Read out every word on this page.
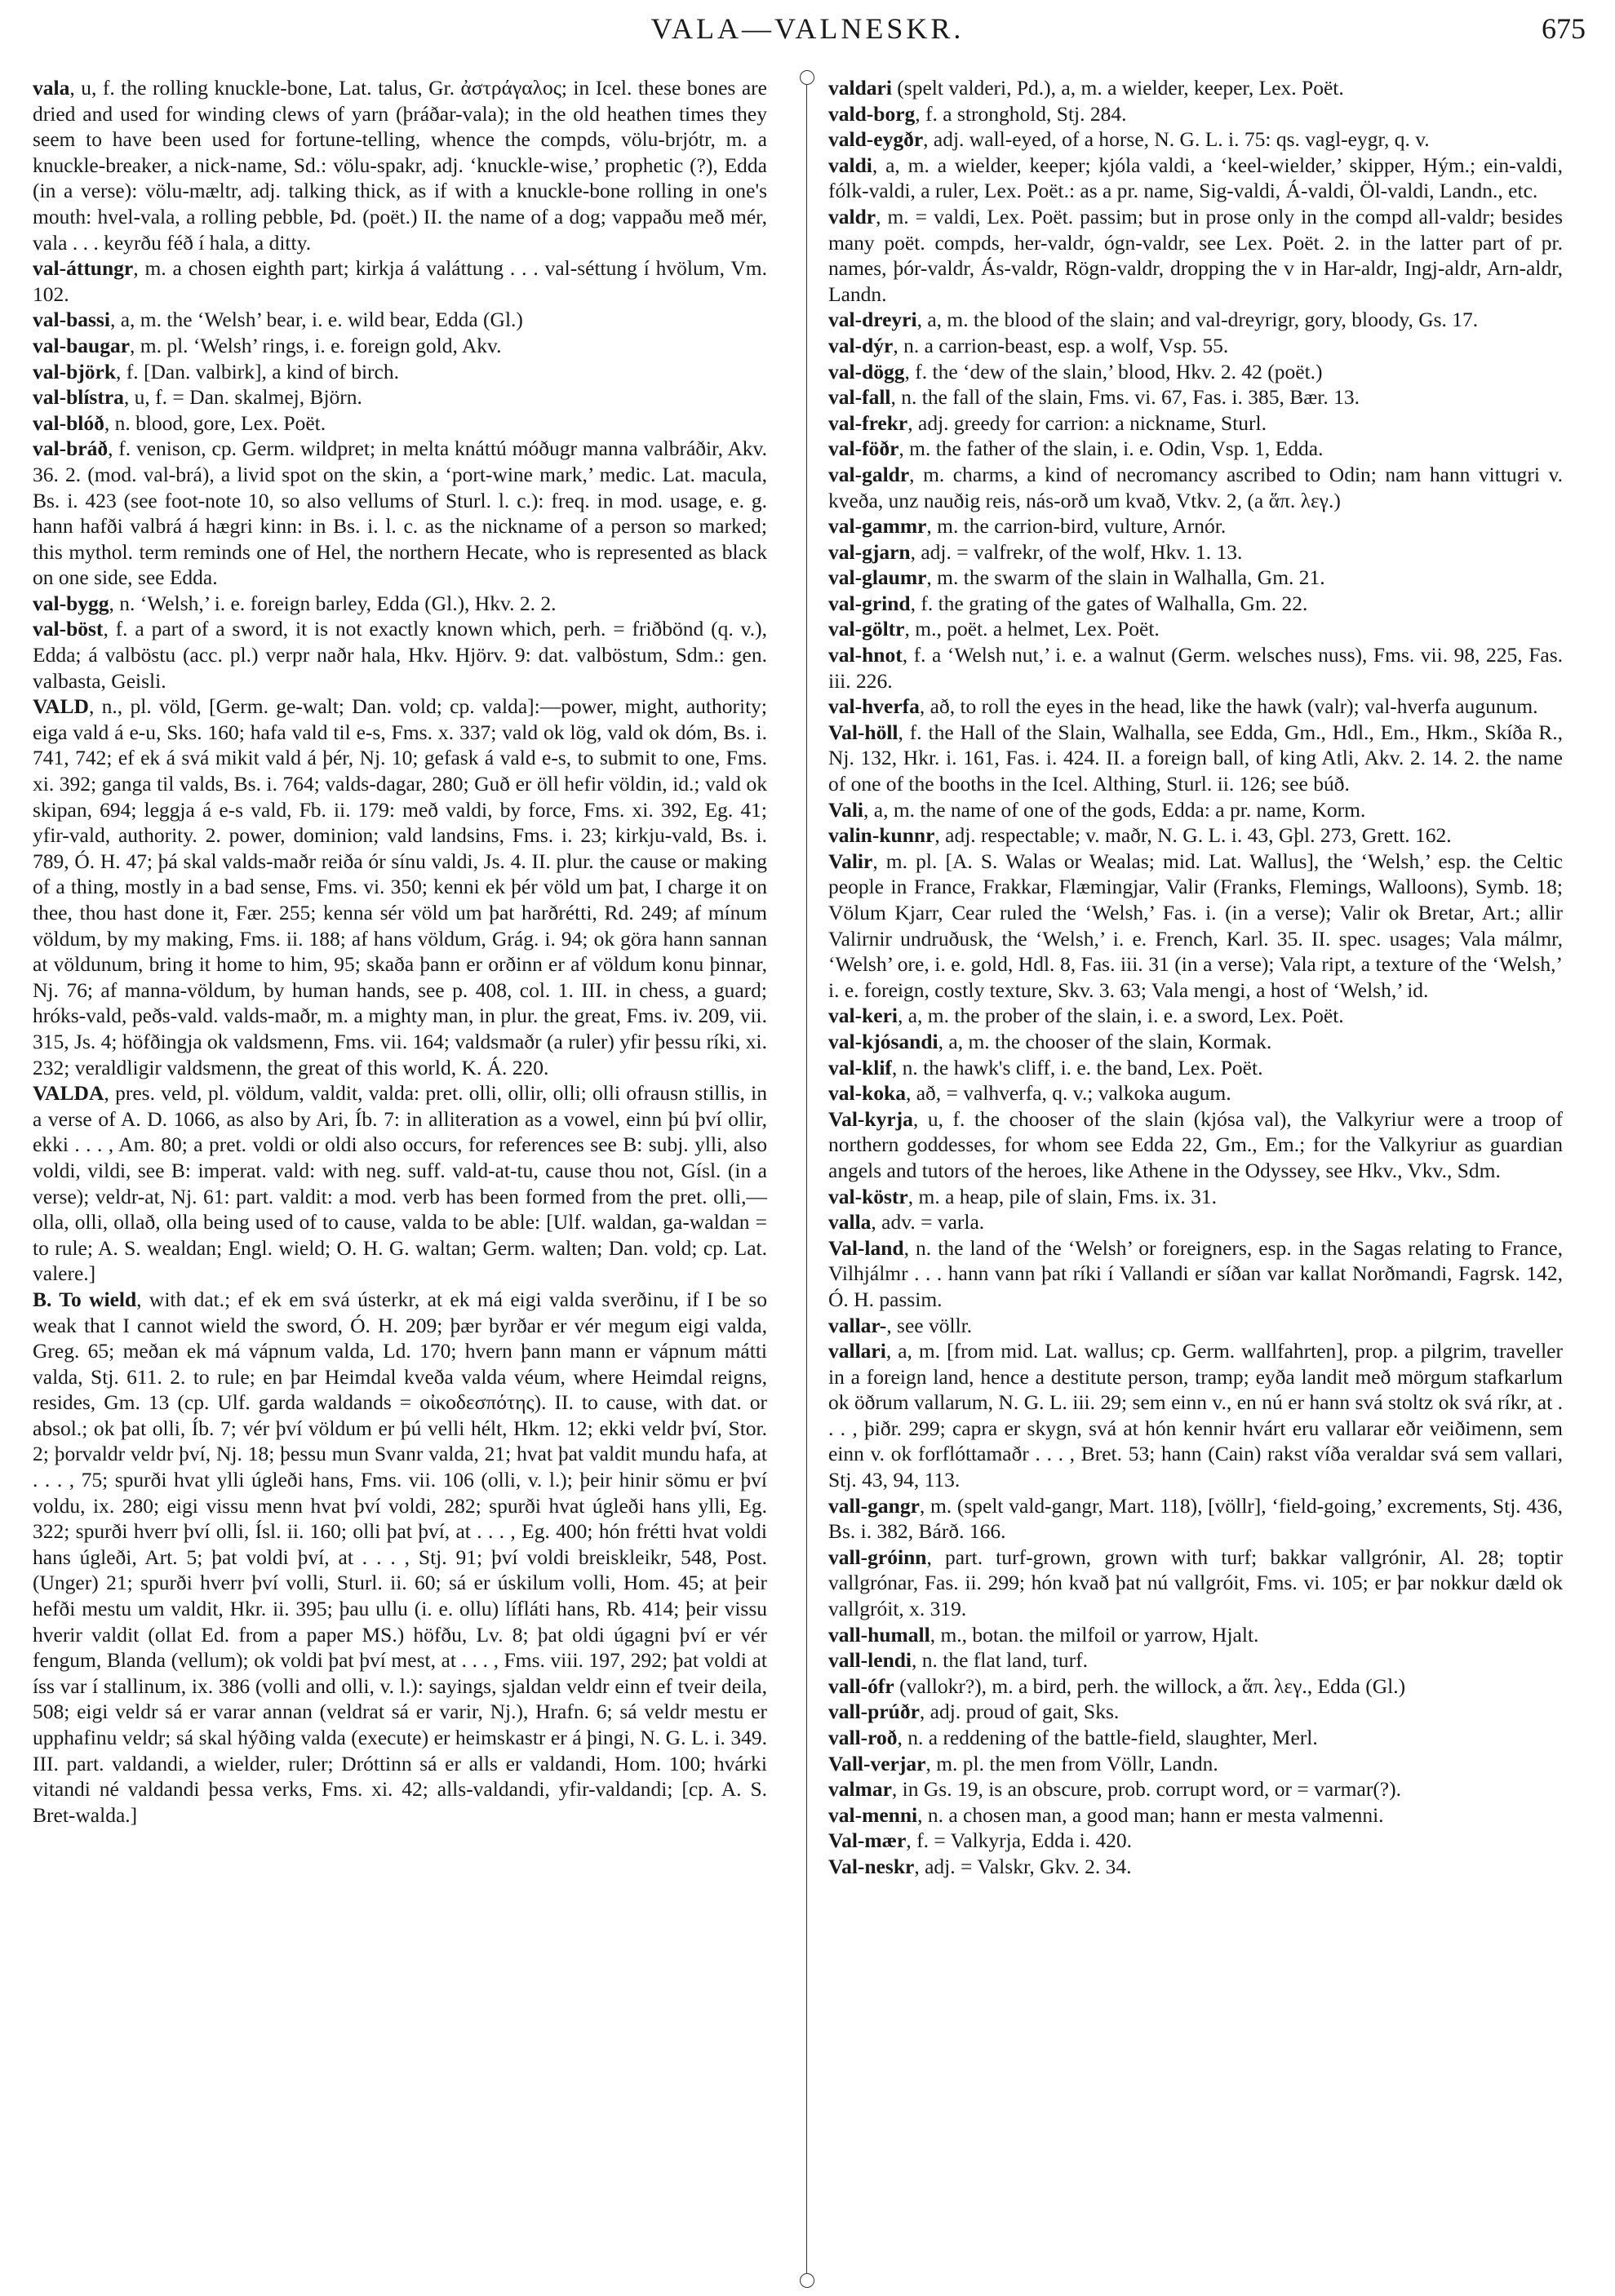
VALA—VALNESKR.	675

vala, u, f. the rolling knuckle-bone, Lat. talus, Gr. ἀστράγαλος; in Icel. these bones are dried and used for winding clews of yarn (þráðar-vala); in the old heathen times they seem to have been used for fortune-telling, whence the compds, völu-brjótr, m. a knuckle-breaker, a nick-name, Sd.: völu-spakr, adj. ‘knuckle-wise,’ prophetic (?), Edda (in a verse): völu-mæltr, adj. talking thick, as if with a knuckle-bone rolling in one's mouth: hvel-vala, a rolling pebble, Þd. (poët.) II. the name of a dog; vappaðu með mér, vala . . . keyrðu féð í hala, a ditty.

val-áttungr, m. a chosen eighth part; kirkja á valáttung . . . val-séttung í hvölum, Vm. 102.

val-bassi, a, m. the ‘Welsh’ bear, i. e. wild bear, Edda (Gl.)

val-baugar, m. pl. ‘Welsh’ rings, i. e. foreign gold, Akv.

val-björk, f. [Dan. valbirk], a kind of birch.

val-blístra, u, f. = Dan. skalmej, Björn.

val-blóð, n. blood, gore, Lex. Poët.

val-bráð, f. venison, cp. Germ. wildpret; in melta knáttú móðugr manna valbráðir, Akv. 36. 2. (mod. val-brá), a livid spot on the skin, a ‘port-wine mark,’ medic. Lat. macula, Bs. i. 423 (see foot-note 10, so also vellums of Sturl. l. c.): freq. in mod. usage, e. g. hann hafði valbrá á hægri kinn: in Bs. i. l. c. as the nickname of a person so marked; this mythol. term reminds one of Hel, the northern Hecate, who is represented as black on one side, see Edda.

val-bygg, n. ‘Welsh,’ i. e. foreign barley, Edda (Gl.), Hkv. 2. 2.

val-böst, f. a part of a sword, it is not exactly known which, perh. = friðbönd (q. v.), Edda; á valböstu (acc. pl.) verpr naðr hala, Hkv. Hjörv. 9: dat. valböstum, Sdm.: gen. valbasta, Geisli.

VALD, n., pl. völd, [Germ. ge-walt; Dan. vold; cp. valda]:—power, might, authority; eiga vald á e-u, Sks. 160; hafa vald til e-s, Fms. x. 337; vald ok lög, vald ok dóm, Bs. i. 741, 742; ef ek á svá mikit vald á þér, Nj. 10; gefask á vald e-s, to submit to one, Fms. xi. 392; ganga til valds, Bs. i. 764; valds-dagar, 280; Guð er öll hefir völdin, id.; vald ok skipan, 694; leggja á e-s vald, Fb. ii. 179: með valdi, by force, Fms. xi. 392, Eg. 41; yfir-vald, authority. 2. power, dominion; vald landsins, Fms. i. 23; kirkju-vald, Bs. i. 789, Ó. H. 47; þá skal valds-maðr reiða ór sínu valdi, Js. 4. II. plur. the cause or making of a thing, mostly in a bad sense, Fms. vi. 350; kenni ek þér völd um þat, I charge it on thee, thou hast done it, Fær. 255; kenna sér völd um þat harðrétti, Rd. 249; af mínum völdum, by my making, Fms. ii. 188; af hans völdum, Grág. i. 94; ok göra hann sannan at völdunum, bring it home to him, 95; skaða þann er orðinn er af völdum konu þinnar, Nj. 76; af manna-völdum, by human hands, see p. 408, col. 1. III. in chess, a guard; hróks-vald, peðs-vald. valds-maðr, m. a mighty man, in plur. the great, Fms. iv. 209, vii. 315, Js. 4; höfðingja ok valdsmenn, Fms. vii. 164; valdsmaðr (a ruler) yfir þessu ríki, xi. 232; veraldligir valdsmenn, the great of this world, K. Á. 220.

VALDA, pres. veld, pl. völdum, valdit, valda: pret. olli, ollir, olli; olli ofrausn stillis, in a verse of A. D. 1066, as also by Ari, Íb. 7: in alliteration as a vowel, einn þú því ollir, ekki . . . , Am. 80; a pret. voldi or oldi also occurs, for references see B: subj. ylli, also voldi, vildi, see B: imperat. vald: with neg. suff. vald-at-tu, cause thou not, Gísl. (in a verse); veldr-at, Nj. 61: part. valdit: a mod. verb has been formed from the pret. olli,—olla, olli, ollað, olla being used of to cause, valda to be able: [Ulf. waldan, ga-waldan = to rule; A. S. wealdan; Engl. wield; O. H. G. waltan; Germ. walten; Dan. vold; cp. Lat. valere.]

B. To wield, with dat.; ef ek em svá ústerkr, at ek má eigi valda sverðinu, if I be so weak that I cannot wield the sword, Ó. H. 209; þær byrðar er vér megum eigi valda, Greg. 65; meðan ek má vápnum valda, Ld. 170; hvern þann mann er vápnum mátti valda, Stj. 611. 2. to rule; en þar Heimdal kveða valda véum, where Heimdal reigns, resides, Gm. 13 (cp. Ulf. garda waldands = οἰκοδεσπότης). II. to cause, with dat. or absol.; ok þat olli, Íb. 7; vér því völdum er þú velli hélt, Hkm. 12; ekki veldr því, Stor. 2; þorvaldr veldr því, Nj. 18; þessu mun Svanr valda, 21; hvat þat valdit mundu hafa, at . . . , 75; spurði hvat ylli úgleði hans, Fms. vii. 106 (olli, v. l.); þeir hinir sömu er því voldu, ix. 280; eigi vissu menn hvat því voldi, 282; spurði hvat úgleði hans ylli, Eg. 322; spurði hverr því olli, Ísl. ii. 160; olli þat því, at . . . , Eg. 400; hón frétti hvat voldi hans úgleði, Art. 5; þat voldi því, at . . . , Stj. 91; því voldi breiskleikr, 548, Post. (Unger) 21; spurði hverr því volli, Sturl. ii. 60; sá er úskilum volli, Hom. 45; at þeir hefði mestu um valdit, Hkr. ii. 395; þau ullu (i. e. ollu) lífláti hans, Rb. 414; þeir vissu hverir valdit (ollat Ed. from a paper MS.) höfðu, Lv. 8; þat oldi úgagni því er vér fengum, Blanda (vellum); ok voldi þat því mest, at . . . , Fms. viii. 197, 292; þat voldi at íss var í stallinum, ix. 386 (volli and olli, v. l.): sayings, sjaldan veldr einn ef tveir deila, 508; eigi veldr sá er varar annan (veldrat sá er varir, Nj.), Hrafn. 6; sá veldr mestu er upphafinu veldr; sá skal hýðing valda (execute) er heimskastr er á þingi, N. G. L. i. 349. III. part. valdandi, a wielder, ruler; Dróttinn sá er alls er valdandi, Hom. 100; hvárki vitandi né valdandi þessa verks, Fms. xi. 42; alls-valdandi, yfir-valdandi; [cp. A. S. Bret-walda.]

valdari (spelt valderi, Pd.), a, m. a wielder, keeper, Lex. Poët.

vald-borg, f. a stronghold, Stj. 284.

vald-eygðr, adj. wall-eyed, of a horse, N. G. L. i. 75: qs. vagl-eygr, q. v.

valdi, a, m. a wielder, keeper; kjóla valdi, a ‘keel-wielder,’ skipper, Hým.; ein-valdi, fólk-valdi, a ruler, Lex. Poët.: as a pr. name, Sig-valdi, Á-valdi, Öl-valdi, Landn., etc.

valdr, m. = valdi, Lex. Poët. passim; but in prose only in the compd all-valdr; besides many poët. compds, her-valdr, ógn-valdr, see Lex. Poët. 2. in the latter part of pr. names, þór-valdr, Ás-valdr, Rögn-valdr, dropping the v in Har-aldr, Ingj-aldr, Arn-aldr, Landn.

val-dreyri, a, m. the blood of the slain; and val-dreyrigr, gory, bloody, Gs. 17.

val-dýr, n. a carrion-beast, esp. a wolf, Vsp. 55.

val-dögg, f. the ‘dew of the slain,’ blood, Hkv. 2. 42 (poët.)

val-fall, n. the fall of the slain, Fms. vi. 67, Fas. i. 385, Bær. 13.

val-frekr, adj. greedy for carrion: a nickname, Sturl.

val-föðr, m. the father of the slain, i. e. Odin, Vsp. 1, Edda.

val-galdr, m. charms, a kind of necromancy ascribed to Odin; nam hann vittugri v. kveða, unz nauðig reis, nás-orð um kvað, Vtkv. 2, (a ἅπ. λεγ.)

val-gammr, m. the carrion-bird, vulture, Arnór.

val-gjarn, adj. = valfrekr, of the wolf, Hkv. 1. 13.

val-glaumr, m. the swarm of the slain in Walhalla, Gm. 21.

val-grind, f. the grating of the gates of Walhalla, Gm. 22.

val-göltr, m., poët. a helmet, Lex. Poët.

val-hnot, f. a ‘Welsh nut,’ i. e. a walnut (Germ. welsches nuss), Fms. vii. 98, 225, Fas. iii. 226.

val-hverfa, að, to roll the eyes in the head, like the hawk (valr); val-hverfa augunum.

Val-höll, f. the Hall of the Slain, Walhalla, see Edda, Gm., Hdl., Em., Hkm., Skíða R., Nj. 132, Hkr. i. 161, Fas. i. 424. II. a foreign ball, of king Atli, Akv. 2. 14. 2. the name of one of the booths in the Icel. Althing, Sturl. ii. 126; see búð.

Vali, a, m. the name of one of the gods, Edda: a pr. name, Korm.

valin-kunnr, adj. respectable; v. maðr, N. G. L. i. 43, Gþl. 273, Grett. 162.

Valir, m. pl. [A. S. Walas or Wealas; mid. Lat. Wallus], the ‘Welsh,’ esp. the Celtic people in France, Frakkar, Flæmingjar, Valir (Franks, Flemings, Walloons), Symb. 18; Völum Kjarr, Cear ruled the ‘Welsh,’ Fas. i. (in a verse); Valir ok Bretar, Art.; allir Valirnir undruðusk, the ‘Welsh,’ i. e. French, Karl. 35. II. spec. usages; Vala málmr, ‘Welsh’ ore, i. e. gold, Hdl. 8, Fas. iii. 31 (in a verse); Vala ript, a texture of the ‘Welsh,’ i. e. foreign, costly texture, Skv. 3. 63; Vala mengi, a host of ‘Welsh,’ id.

val-keri, a, m. the prober of the slain, i. e. a sword, Lex. Poët.

val-kjósandi, a, m. the chooser of the slain, Kormak.

val-klif, n. the hawk's cliff, i. e. the band, Lex. Poët.

val-koka, að, = valhverfa, q. v.; valkoka augum.

Val-kyrja, u, f. the chooser of the slain (kjósa val), the Valkyriur were a troop of northern goddesses, for whom see Edda 22, Gm., Em.; for the Valkyriur as guardian angels and tutors of the heroes, like Athene in the Odyssey, see Hkv., Vkv., Sdm.

val-köstr, m. a heap, pile of slain, Fms. ix. 31.

valla, adv. = varla.

Val-land, n. the land of the ‘Welsh’ or foreigners, esp. in the Sagas relating to France, Vilhjálmr . . . hann vann þat ríki í Vallandi er síðan var kallat Norðmandi, Fagrsk. 142, Ó. H. passim.

vallar-, see völlr.

vallari, a, m. [from mid. Lat. wallus; cp. Germ. wallfahrten], prop. a pilgrim, traveller in a foreign land, hence a destitute person, tramp; eyða landit með mörgum stafkarlum ok öðrum vallarum, N. G. L. iii. 29; sem einn v., en nú er hann svá stoltz ok svá ríkr, at . . . , þiðr. 299; capra er skygn, svá at hón kennir hvárt eru vallarar eðr veiðimenn, sem einn v. ok forflóttamaðr . . . , Bret. 53; hann (Cain) rakst víða veraldar svá sem vallari, Stj. 43, 94, 113.

vall-gangr, m. (spelt vald-gangr, Mart. 118), [völlr], ‘field-going,’ excrements, Stj. 436, Bs. i. 382, Bárð. 166.

vall-gróinn, part. turf-grown, grown with turf; bakkar vallgrónir, Al. 28; toptir vallgrónar, Fas. ii. 299; hón kvað þat nú vallgróit, Fms. vi. 105; er þar nokkur dæld ok vallgróit, x. 319.

vall-humall, m., botan. the milfoil or yarrow, Hjalt.

vall-lendi, n. the flat land, turf.

vall-ófr (vallokr?), m. a bird, perh. the willock, a ἅπ. λεγ., Edda (Gl.)

vall-prúðr, adj. proud of gait, Sks.

vall-roð, n. a reddening of the battle-field, slaughter, Merl.

Vall-verjar, m. pl. the men from Völlr, Landn.

valmar, in Gs. 19, is an obscure, prob. corrupt word, or = varmar(?).

val-menni, n. a chosen man, a good man; hann er mesta valmenni.

Val-mær, f. = Valkyrja, Edda i. 420.

Val-neskr, adj. = Valskr, Gkv. 2. 34.
